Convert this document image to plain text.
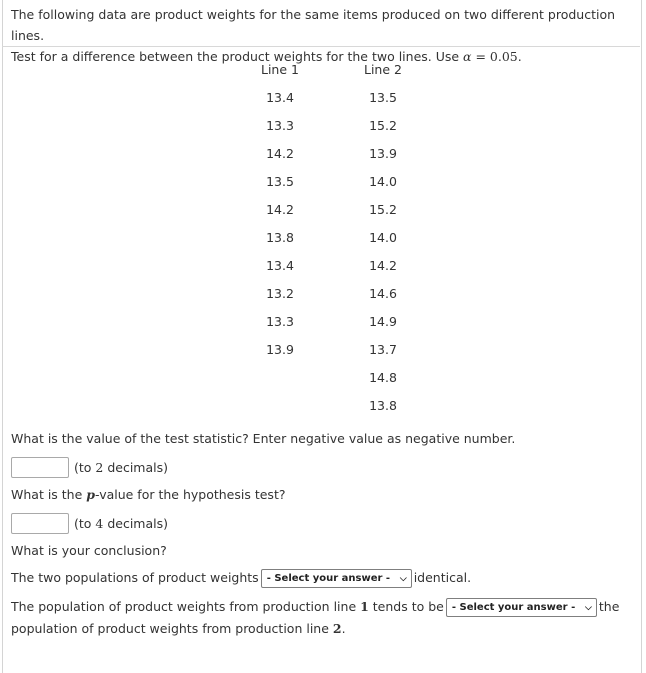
The following data are product weights for the same items produced on two different production lines.
Test for a difference between the product weights for the two lines. Use α = 0.05.
Line 1	Line 2
13.4
13.3
14.2
13.5
14.2
13.8
13.4
13.2
13.3
13.9
13.5
15.2
13.9
14.0
15.2
14.0
14.2
14.6
14.9
13.7
14.8
13.8
What is the value of the test statistic? Enter negative value as negative number.
(to 2 decimals)
What is the p-value for the hypothesis test?
(to 4 decimals)
What is your conclusion?
The two populations of product weights - Select your answer - ⌵ identical.
The population of product weights from production line 1 tends to be - Select your answer - ⌵ the
population of product weights from production line 2.
